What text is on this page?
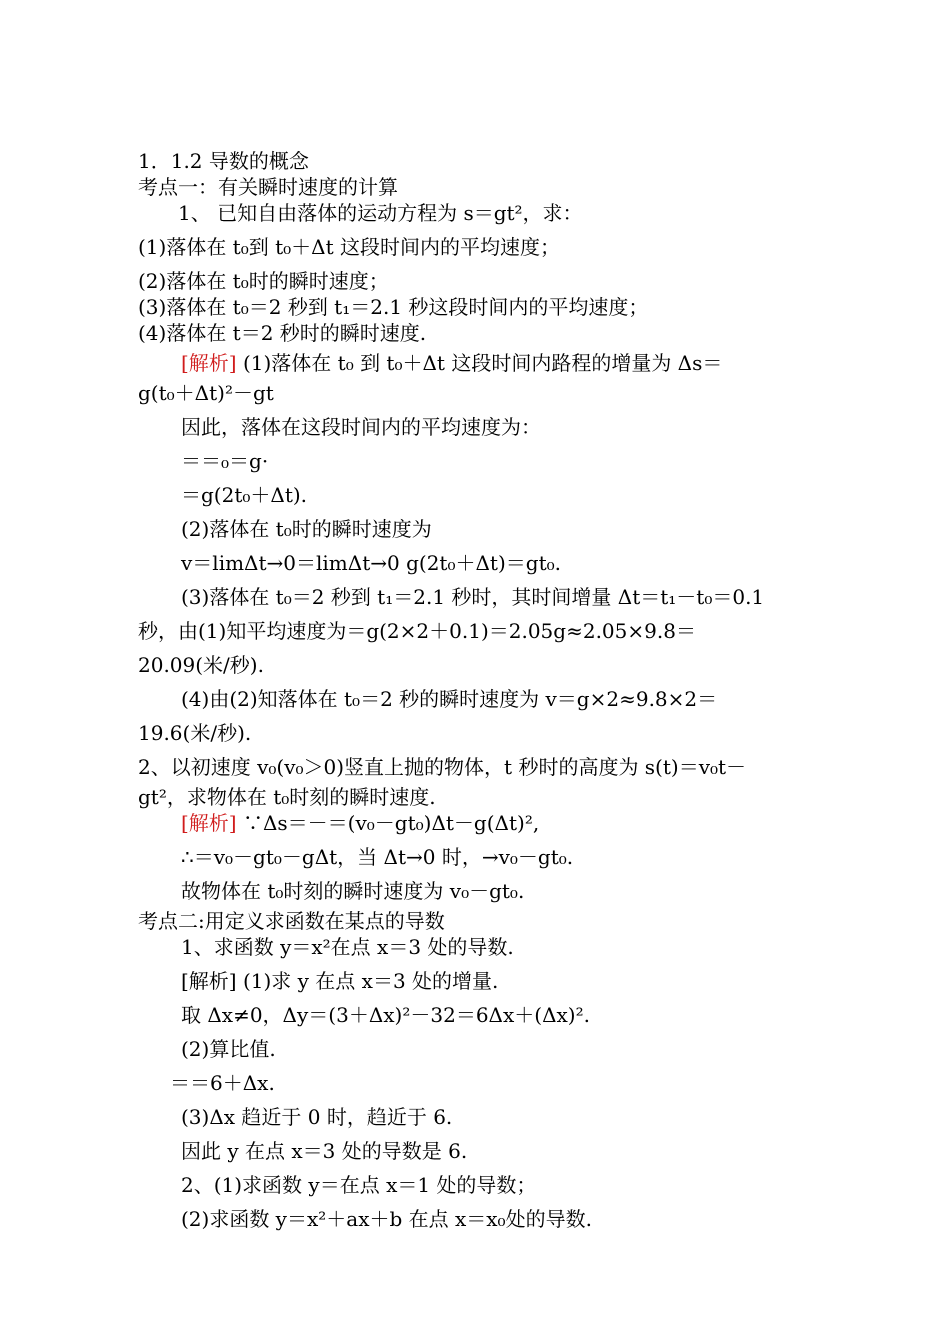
1．1.2 导数的概念
考点一：有关瞬时速度的计算
1、 已知自由落体的运动方程为 s＝gt²，求：
(1)落体在 t₀到 t₀＋Δt 这段时间内的平均速度；
(2)落体在 t₀时的瞬时速度；
(3)落体在 t₀＝2 秒到 t₁＝2.1 秒这段时间内的平均速度；
(4)落体在 t＝2 秒时的瞬时速度.
[解析] (1)落体在 t₀ 到 t₀＋Δt 这段时间内路程的增量为 Δs＝
g(t₀＋Δt)²－gt
因此，落体在这段时间内的平均速度为：
＝＝₀＝g·
＝g(2t₀＋Δt).
(2)落体在 t₀时的瞬时速度为
v＝limΔt→0＝limΔt→0 g(2t₀＋Δt)＝gt₀.
(3)落体在 t₀＝2 秒到 t₁＝2.1 秒时，其时间增量 Δt＝t₁－t₀＝0.1
秒，由(1)知平均速度为＝g(2×2＋0.1)＝2.05g≈2.05×9.8＝
20.09(米/秒).
(4)由(2)知落体在 t₀＝2 秒的瞬时速度为 v＝g×2≈9.8×2＝
19.6(米/秒).
2、以初速度 v₀(v₀＞0)竖直上抛的物体，t 秒时的高度为 s(t)＝v₀t－
gt²，求物体在 t₀时刻的瞬时速度.
[解析] ∵Δs＝－＝(v₀－gt₀)Δt－g(Δt)²,
∴＝v₀－gt₀－gΔt，当 Δt→0 时，→v₀－gt₀.
故物体在 t₀时刻的瞬时速度为 v₀－gt₀.
考点二:用定义求函数在某点的导数
1、求函数 y＝x²在点 x＝3 处的导数.
[解析] (1)求 y 在点 x＝3 处的增量.
取 Δx≠0，Δy＝(3＋Δx)²－32＝6Δx＋(Δx)².
(2)算比值.
＝＝6＋Δx.
(3)Δx 趋近于 0 时，趋近于 6.
因此 y 在点 x＝3 处的导数是 6.
2、(1)求函数 y＝在点 x＝1 处的导数；
(2)求函数 y＝x²＋ax＋b 在点 x＝x₀处的导数.
